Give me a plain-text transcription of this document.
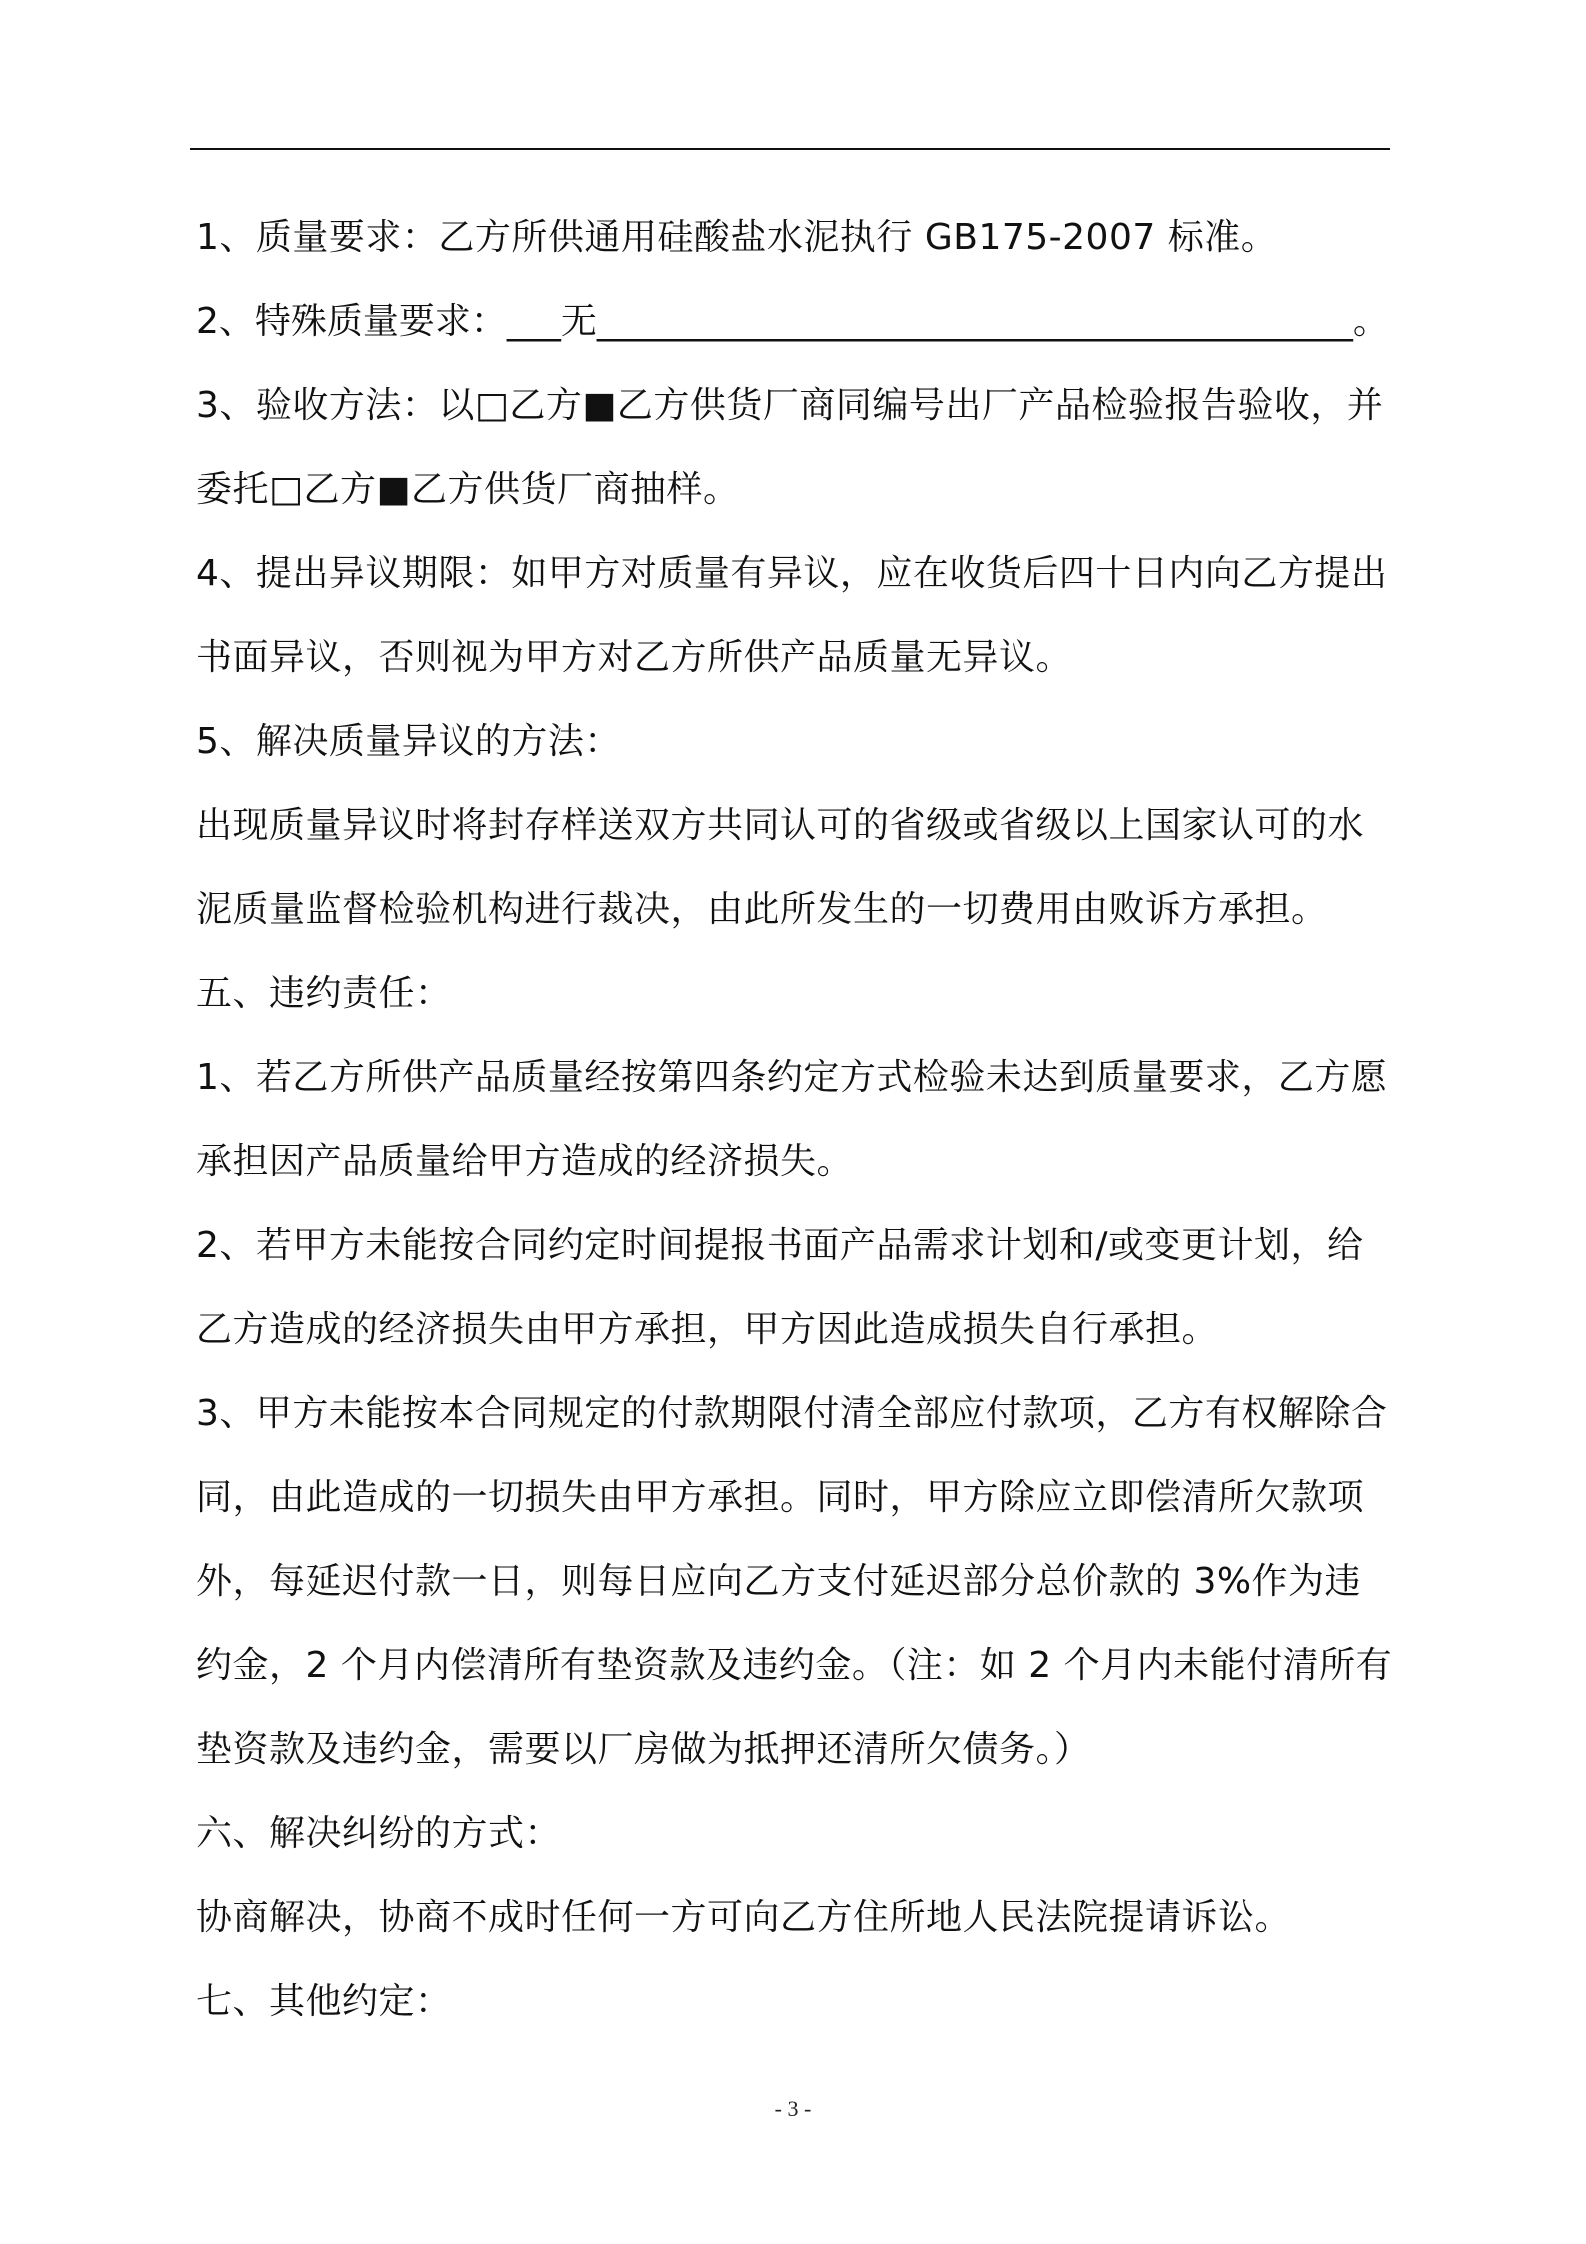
1、质量要求：乙方所供通用硅酸盐水泥执行 GB175-2007 标准。
2、特殊质量要求：___无__________________________________________。
3、验收方法：以□乙方■乙方供货厂商同编号出厂产品检验报告验收，并
委托□乙方■乙方供货厂商抽样。
4、提出异议期限：如甲方对质量有异议，应在收货后四十日内向乙方提出
书面异议，否则视为甲方对乙方所供产品质量无异议。
5、解决质量异议的方法：
出现质量异议时将封存样送双方共同认可的省级或省级以上国家认可的水
泥质量监督检验机构进行裁决，由此所发生的一切费用由败诉方承担。
五、违约责任：
1、若乙方所供产品质量经按第四条约定方式检验未达到质量要求，乙方愿
承担因产品质量给甲方造成的经济损失。
2、若甲方未能按合同约定时间提报书面产品需求计划和/或变更计划，给
乙方造成的经济损失由甲方承担，甲方因此造成损失自行承担。
3、甲方未能按本合同规定的付款期限付清全部应付款项，乙方有权解除合
同，由此造成的一切损失由甲方承担。同时，甲方除应立即偿清所欠款项
外，每延迟付款一日，则每日应向乙方支付延迟部分总价款的 3%作为违
约金，2 个月内偿清所有垫资款及违约金。（注：如 2 个月内未能付清所有
垫资款及违约金，需要以厂房做为抵押还清所欠债务。）
六、解决纠纷的方式：
协商解决，协商不成时任何一方可向乙方住所地人民法院提请诉讼。
七、其他约定：
- 3 -
